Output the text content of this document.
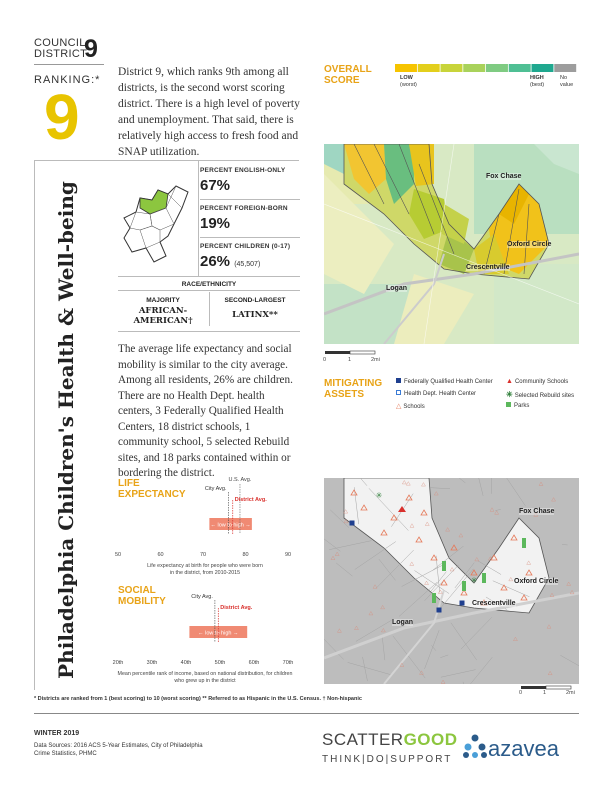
COUNCIL
DISTRICT
9
RANKING:*
9
District 9, which ranks 9th among all districts, is the second worst scoring district. There is a high level of poverty and unemployment. That said, there is relatively high access to fresh food and SNAP utilization.
Philadelphia Children's Health & Well-being
PERCENT ENGLISH-ONLY
67%
PERCENT FOREIGN-BORN
19%
PERCENT CHILDREN (0-17)
26% (45,507)
RACE/ETHNICITY
MAJORITY
AFRICAN-AMERICAN†
SECOND-LARGEST
LATINX**
The average life expectancy and social mobility is similar to the city average. Among all residents, 26% are children. There are no Health Dept. health centers, 3 Federally Qualified Health Centers, 18 district schools, 1 community school, 5 selected Rebuild sites, and 18 parks contained within or bordering the district.
LIFE
EXPECTANCY
← low to high →
U.S. Avg.
City Avg.
District Avg.
50	60	70	80	90
Life expectancy at birth for people who were born
in the district, from 2010-2015
SOCIAL
MOBILITY
← low to high →
City Avg.
District Avg.
20th	30th	40th	50th	60th	70th
Mean percentile rank of income, based on national distribution, for children
who grew up in the district
OVERALL
SCORE	LOW
(worst)
HIGH
(best)
No
value
Fox Chase
Oxford Circle
Crescentville
Logan
0	1	2mi
MITIGATING
ASSETS
Federally Qualified Health Center ▲ Community Schools
Health Dept. Health Center	✳ Selected Rebuild sites
△ Schools	Parks
✳
✳
Fox Chase
Oxford Circle
Crescentville
Logan
0	1	2mi
* Districts are ranked from 1 (best scoring) to 10 (worst scoring) ** Referred to as Hispanic in the U.S. Census. † Non-hispanic
WINTER 2019
Data Sources: 2016 ACS 5-Year Estimates, City of Philadelphia
Crime Statistics, PHMC
SCATTERGOOD
THINK|DO|SUPPORT azavea
